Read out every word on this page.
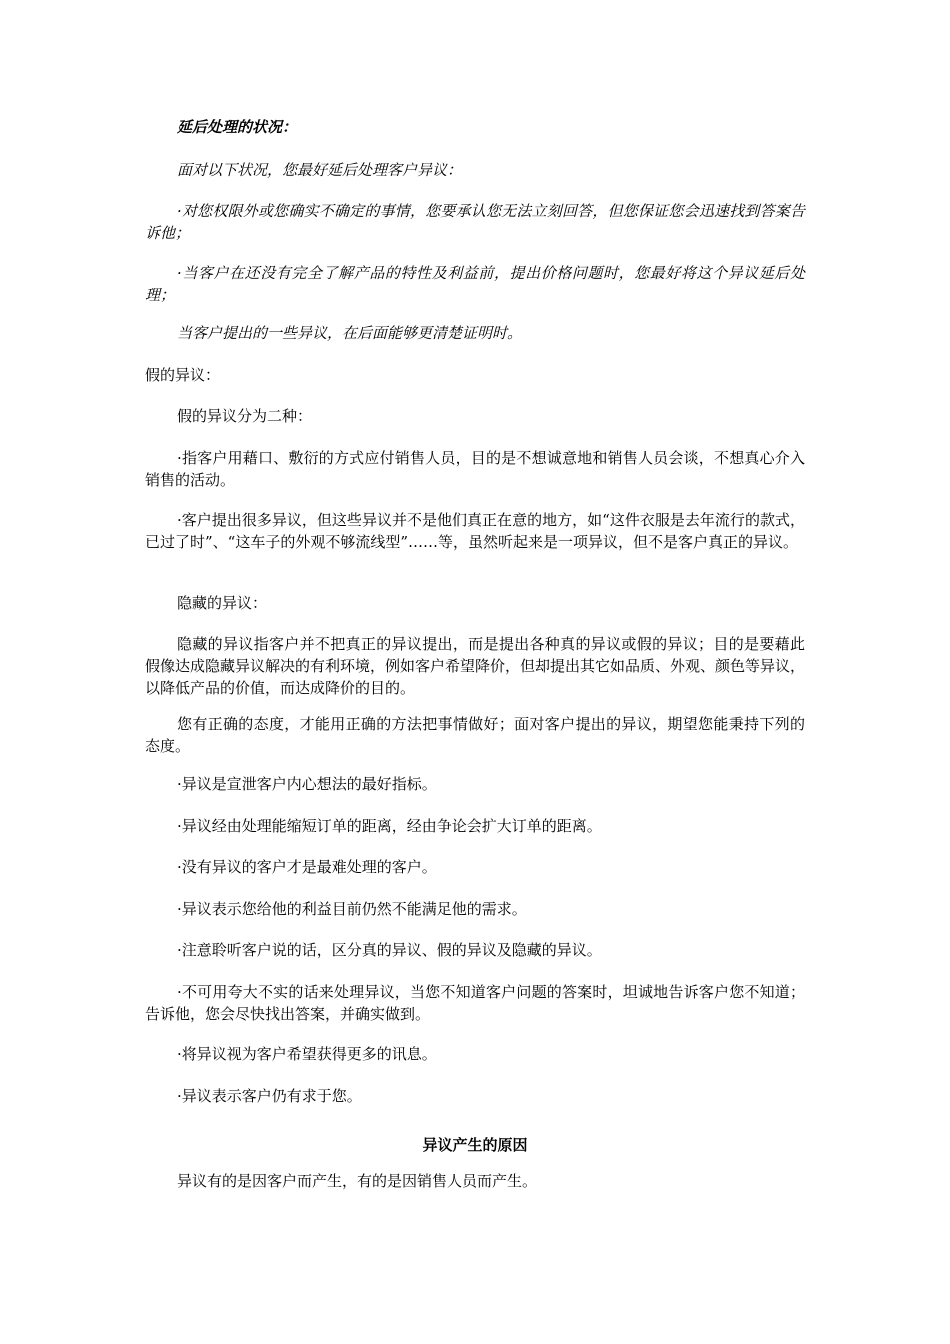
延后处理的状况：

面对以下状况，您最好延后处理客户异议：

·对您权限外或您确实不确定的事情，您要承认您无法立刻回答，但您保证您会迅速找到答案告诉他；

·当客户在还没有完全了解产品的特性及利益前，提出价格问题时，您最好将这个异议延后处理；

当客户提出的一些异议，在后面能够更清楚证明时。

假的异议：

假的异议分为二种：

·指客户用藉口、敷衍的方式应付销售人员，目的是不想诚意地和销售人员会谈，不想真心介入销售的活动。

·客户提出很多异议，但这些异议并不是他们真正在意的地方，如“这件衣服是去年流行的款式，已过了时”、“这车子的外观不够流线型”……等，虽然听起来是一项异议，但不是客户真正的异议。

隐藏的异议：

隐藏的异议指客户并不把真正的异议提出，而是提出各种真的异议或假的异议；目的是要藉此假像达成隐藏异议解决的有利环境，例如客户希望降价，但却提出其它如品质、外观、颜色等异议，以降低产品的价值，而达成降价的目的。

您有正确的态度，才能用正确的方法把事情做好；面对客户提出的异议，期望您能秉持下列的态度。

·异议是宣泄客户内心想法的最好指标。

·异议经由处理能缩短订单的距离，经由争论会扩大订单的距离。

·没有异议的客户才是最难处理的客户。

·异议表示您给他的利益目前仍然不能满足他的需求。

·注意聆听客户说的话，区分真的异议、假的异议及隐藏的异议。

·不可用夸大不实的话来处理异议，当您不知道客户问题的答案时，坦诚地告诉客户您不知道；告诉他，您会尽快找出答案，并确实做到。

·将异议视为客户希望获得更多的讯息。

·异议表示客户仍有求于您。

异议产生的原因

异议有的是因客户而产生，有的是因销售人员而产生。
